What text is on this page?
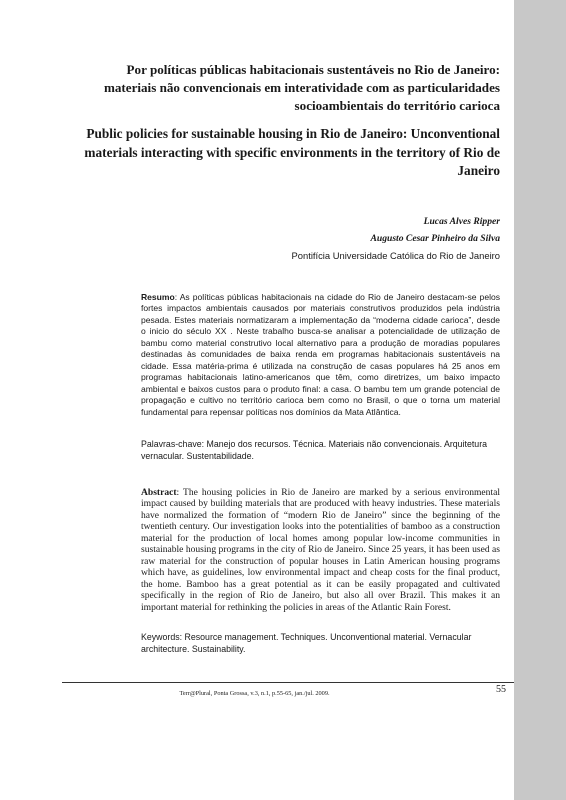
Por políticas públicas habitacionais sustentáveis no Rio de Janeiro: materiais não convencionais em interatividade com as particularidades socioambientais do território carioca
Public policies for sustainable housing in Rio de Janeiro: Unconventional materials interacting with specific environments in the territory of Rio de Janeiro
Lucas Alves Ripper
Augusto Cesar Pinheiro da Silva
Pontifícia Universidade Católica do Rio de Janeiro
Resumo: As políticas públicas habitacionais na cidade do Rio de Janeiro destacam-se pelos fortes impactos ambientais causados por materiais construtivos produzidos pela indústria pesada. Estes materiais normatizaram a implementação da “moderna cidade carioca”, desde o inicio do século XX . Neste trabalho busca-se analisar a potencialidade de utilização de bambu como material construtivo local alternativo para a produção de moradias populares destinadas às comunidades de baixa renda em programas habitacionais sustentáveis na cidade. Essa matéria-prima é utilizada na construção de casas populares há 25 anos em programas habitacionais latino-americanos que têm, como diretrizes, um baixo impacto ambiental e baixos custos para o produto final: a casa. O bambu tem um grande potencial de propagação e cultivo no território carioca bem como no Brasil, o que o torna um material fundamental para repensar políticas nos domínios da Mata Atlântica.
Palavras-chave: Manejo dos recursos. Técnica. Materiais não convencionais. Arquitetura vernacular. Sustentabilidade.
Abstract: The housing policies in Rio de Janeiro are marked by a serious environmental impact caused by building materials that are produced with heavy industries. These materials have normalized the formation of “modern Rio de Janeiro” since the beginning of the twentieth century. Our investigation looks into the potentialities of bamboo as a construction material for the production of local homes among popular low-income communities in sustainable housing programs in the city of Rio de Janeiro. Since 25 years, it has been used as raw material for the construction of popular houses in Latin American housing programs which have, as guidelines, low environmental impact and cheap costs for the final product, the home. Bamboo has a great potential as it can be easily propagated and cultivated specifically in the region of Rio de Janeiro, but also all over Brazil. This makes it an important material for rethinking the policies in areas of the Atlantic Rain Forest.
Keywords: Resource management. Techniques. Unconventional material. Vernacular architecture. Sustainability.
Terr@Plural, Ponta Grossa, v.3, n.1, p.55-65, jan./jul. 2009.	55
